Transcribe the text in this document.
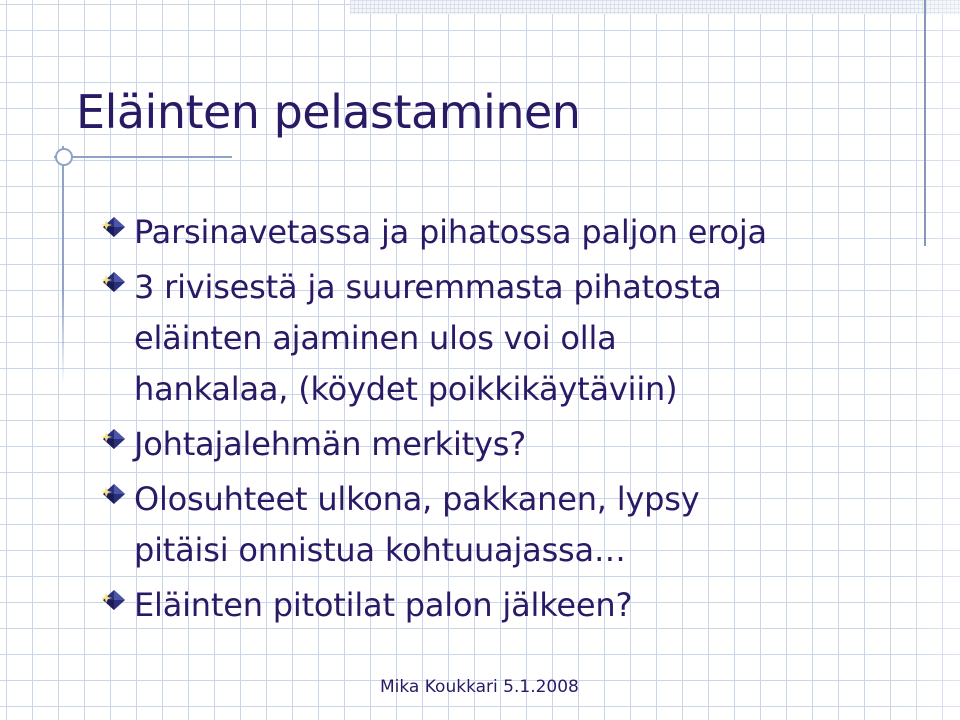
Eläinten pelastaminen
Parsinavetassa ja pihatossa paljon eroja
3 rivisestä ja suuremmasta pihatosta
eläinten ajaminen ulos voi olla
hankalaa, (köydet poikkikäytäviin)
Johtajalehmän merkitys?
Olosuhteet ulkona, pakkanen, lypsy
pitäisi onnistua kohtuuajassa…
Eläinten pitotilat palon jälkeen?
Mika Koukkari 5.1.2008
